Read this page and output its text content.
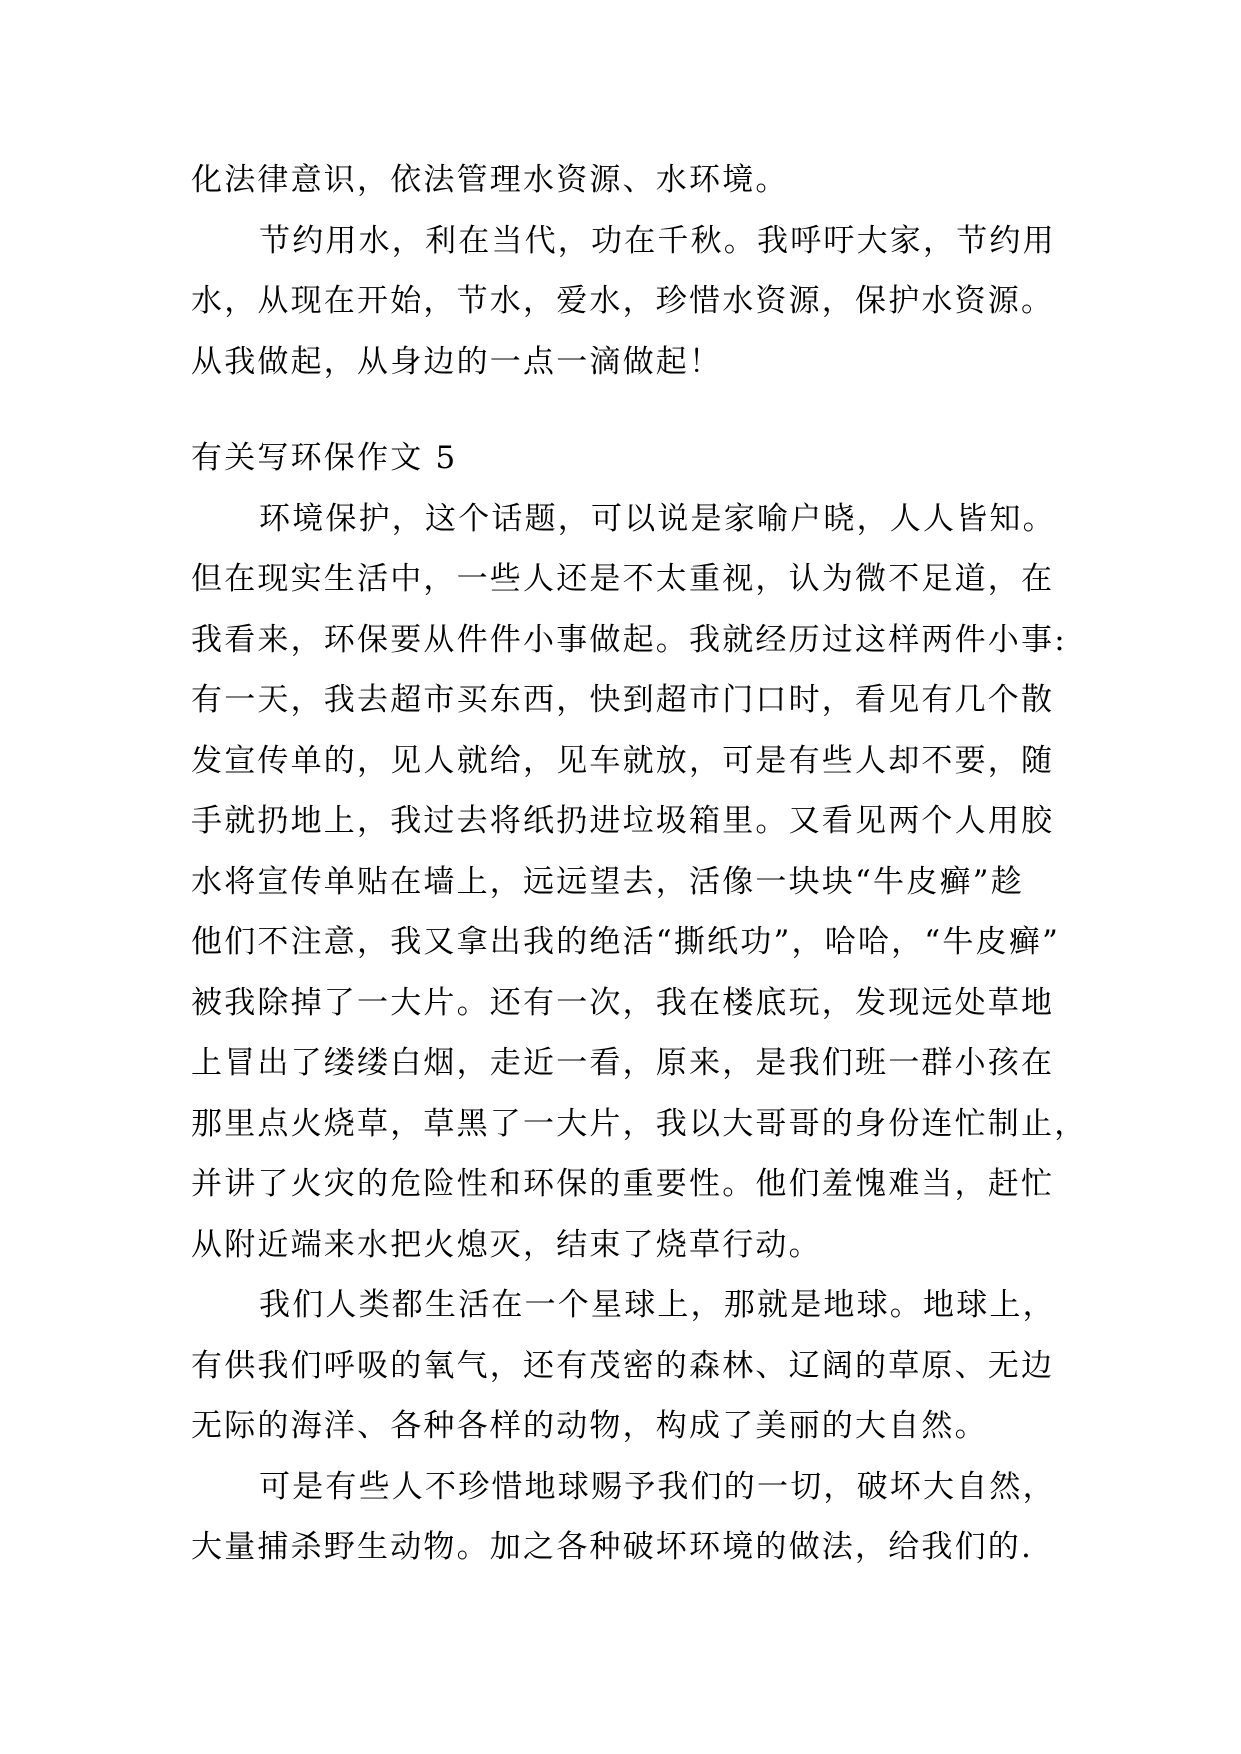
化法律意识，依法管理水资源、水环境。
节约用水，利在当代，功在千秋。我呼吁大家，节约用
水，从现在开始，节水，爱水，珍惜水资源，保护水资源。
从我做起，从身边的一点一滴做起！
有关写环保作文 5
环境保护，这个话题，可以说是家喻户晓，人人皆知。
但在现实生活中，一些人还是不太重视，认为微不足道，在
我看来，环保要从件件小事做起。我就经历过这样两件小事:
有一天，我去超市买东西，快到超市门口时，看见有几个散
发宣传单的，见人就给，见车就放，可是有些人却不要，随
手就扔地上，我过去将纸扔进垃圾箱里。又看见两个人用胶
水将宣传单贴在墙上，远远望去，活像一块块“牛皮癣”趁
他们不注意，我又拿出我的绝活“撕纸功”，哈哈，“牛皮癣”
被我除掉了一大片。还有一次，我在楼底玩，发现远处草地
上冒出了缕缕白烟，走近一看，原来，是我们班一群小孩在
那里点火烧草，草黑了一大片，我以大哥哥的身份连忙制止，
并讲了火灾的危险性和环保的重要性。他们羞愧难当，赶忙
从附近端来水把火熄灭，结束了烧草行动。
我们人类都生活在一个星球上，那就是地球。地球上，
有供我们呼吸的氧气，还有茂密的森林、辽阔的草原、无边
无际的海洋、各种各样的动物，构成了美丽的大自然。
可是有些人不珍惜地球赐予我们的一切，破坏大自然，
大量捕杀野生动物。加之各种破坏环境的做法，给我们的.
